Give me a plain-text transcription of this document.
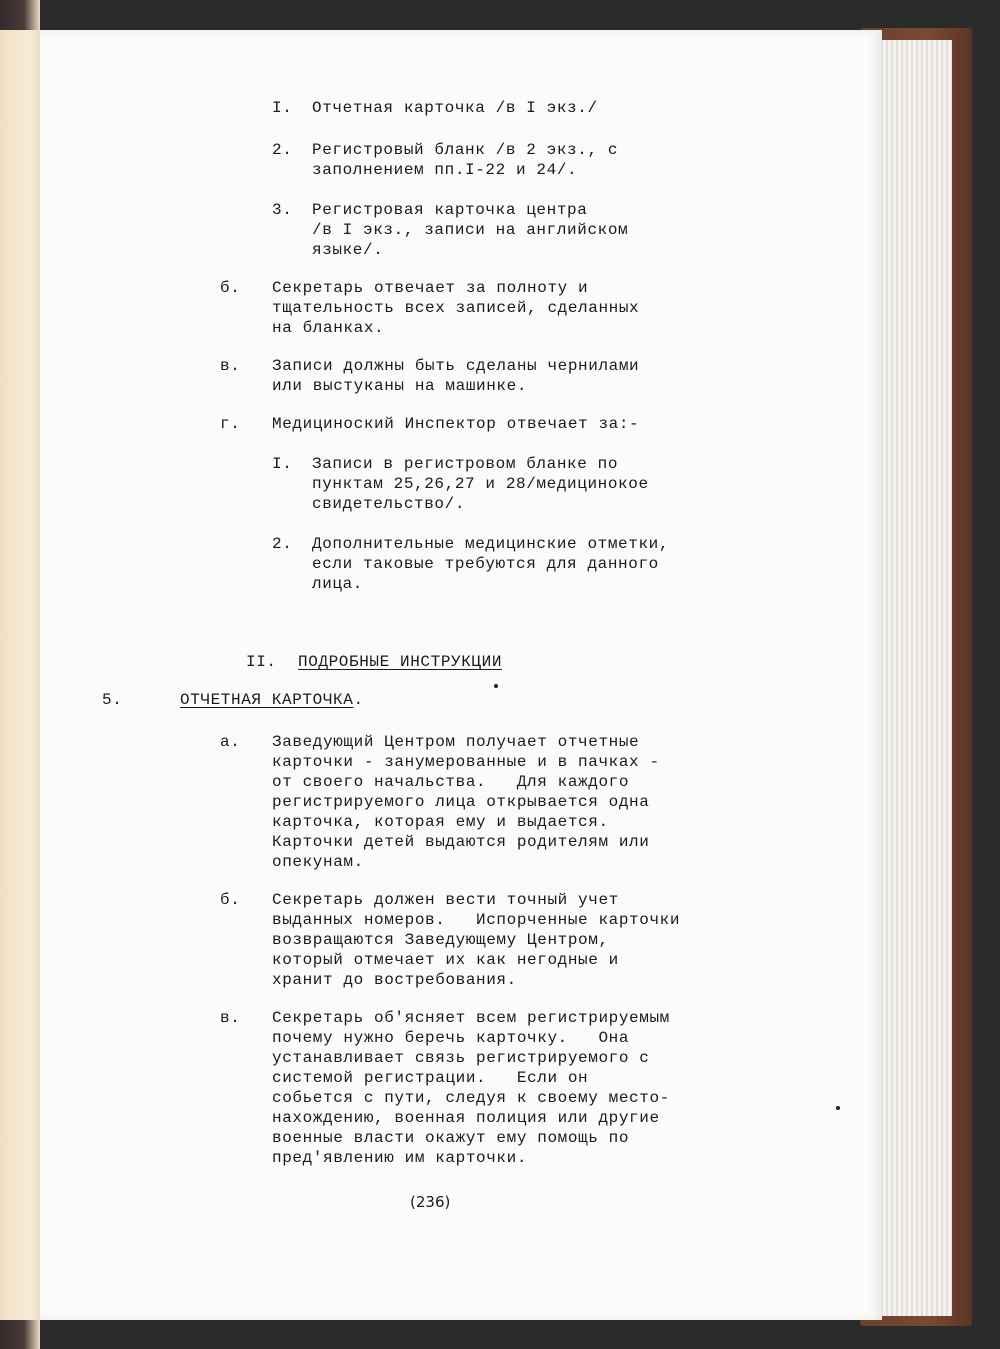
I. Отчетная карточка /в I экз./
2. Регистровый бланк /в 2 экз., с
заполнением пп.I-22 и 24/.
3. Регистровая карточка центра
/в I экз., записи на английском
языке/.
б. Секретарь отвечает за полноту и
тщательность всех записей, сделанных
на бланках.
в. Записи должны быть сделаны чернилами
или выстуканы на машинке.
г. Медициноский Инспектор отвечает за:-
I. Записи в регистровом бланке по
пунктам 25,26,27 и 28/медицинокое
свидетельство/.
2. Дополнительные медицинские отметки,
если таковые требуются для данного
лица.
II. ПОДРОБНЫЕ ИНСТРУКЦИИ
5.	ОТЧЕТНАЯ КАРТОЧКА.
а. Заведующий Центром получает отчетные
карточки - занумерованные и в пачках -
от своего начальства.   Для каждого
регистрируемого лица открывается одна
карточка, которая ему и выдается.
Карточки детей выдаются родителям или
опекунам.
б. Секретарь должен вести точный учет
выданных номеров.   Испорченные карточки
возвращаются Заведующему Центром,
который отмечает их как негодные и
хранит до востребования.
в. Секретарь об'ясняет всем регистрируемым
почему нужно беречь карточку.   Она
устанавливает связь регистрируемого с
системой регистрации.   Если он
собьется с пути, следуя к своему место-
нахождению, военная полиция или другие
военные власти окажут ему помощь по
пред'явлению им карточки.
(236)
